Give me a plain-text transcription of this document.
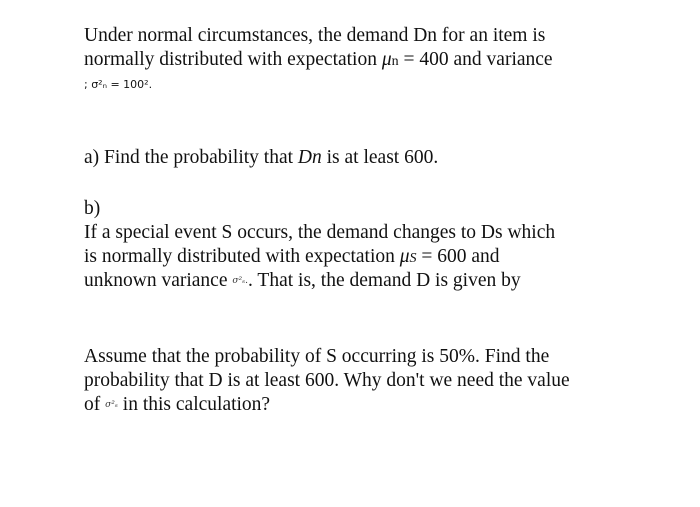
Under normal circumstances, the demand Dn for an item is
normally distributed with expectation μn = 400 and variance
; σ²ₙ = 100².
a) Find the probability that Dn is at least 600.
b)
If a special event S occurs, the demand changes to Ds which
is normally distributed with expectation μS = 600 and
unknown variance σ²ₛ.. That is, the demand D is given by
Assume that the probability of S occurring is 50%. Find the
probability that D is at least 600. Why don't we need the value
of σ²ₛ in this calculation?
